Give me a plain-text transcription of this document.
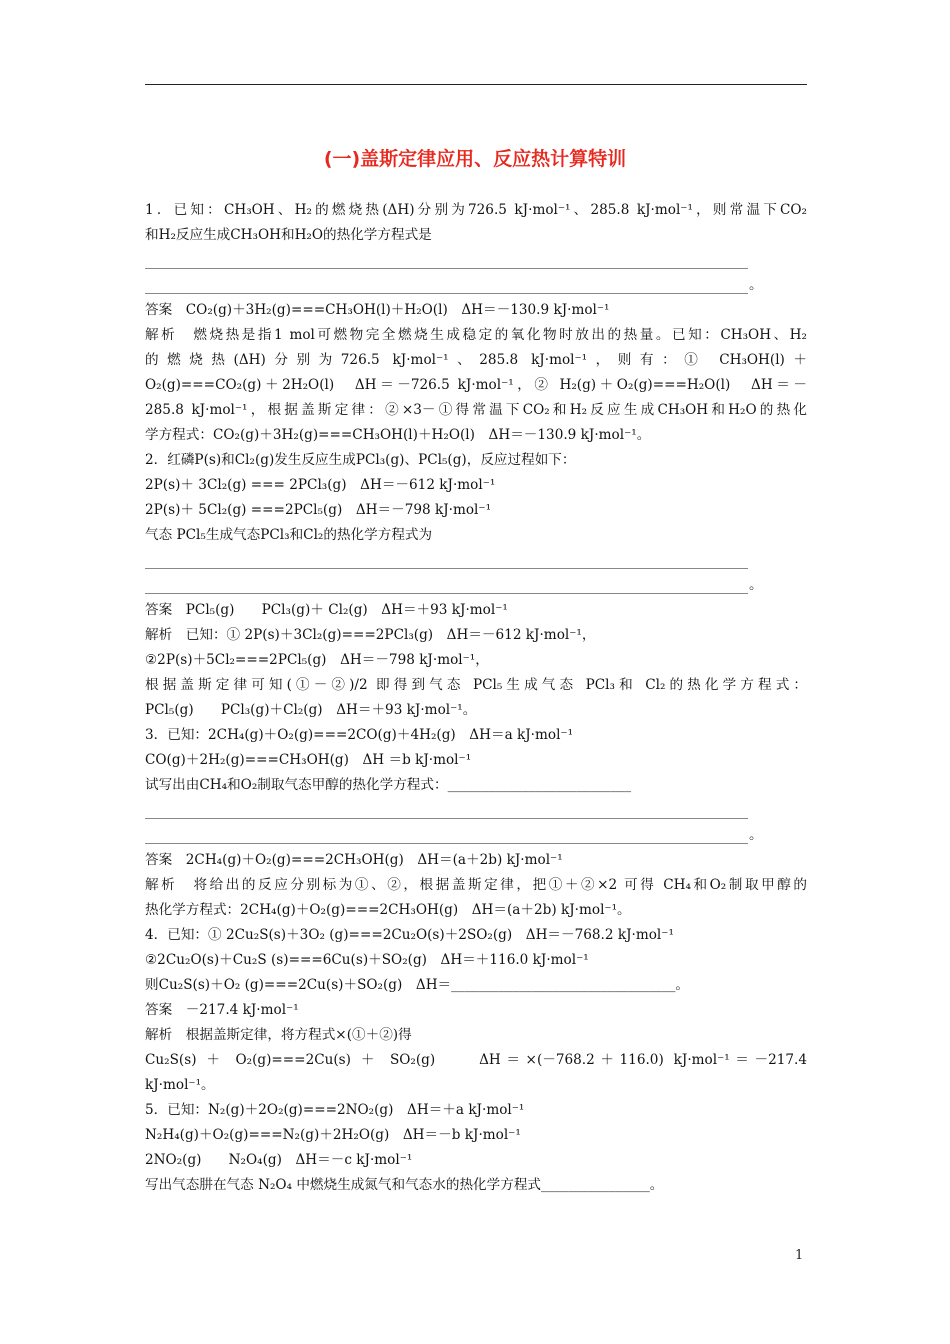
(一)盖斯定律应用、反应热计算特训
1．已知：CH₃OH、H₂的燃烧热(ΔH)分别为726.5 kJ·mol⁻¹、285.8 kJ·mol⁻¹，则常温下CO₂
和H₂反应生成CH₃OH和H₂O的热化学方程式是
。
答案　CO₂(g)＋3H₂(g)===CH₃OH(l)＋H₂O(l)　ΔH＝－130.9 kJ·mol⁻¹
解析　燃烧热是指1 mol可燃物完全燃烧生成稳定的氧化物时放出的热量。已知：CH₃OH、H₂
的燃烧热(ΔH)分别为726.5 kJ·mol⁻¹、285.8 kJ·mol⁻¹，则有：① CH₃OH(l)＋
O₂(g)===CO₂(g)＋2H₂O(l)　ΔH＝－726.5 kJ·mol⁻¹，② H₂(g)＋O₂(g)===H₂O(l)　ΔH＝－
285.8 kJ·mol⁻¹，根据盖斯定律：②×3－①得常温下CO₂和H₂反应生成CH₃OH和H₂O的热化
学方程式：CO₂(g)＋3H₂(g)===CH₃OH(l)＋H₂O(l)　ΔH＝－130.9 kJ·mol⁻¹。
2．红磷P(s)和Cl₂(g)发生反应生成PCl₃(g)、PCl₅(g)，反应过程如下：
2P(s)＋ 3Cl₂(g) === 2PCl₃(g)　ΔH＝－612 kJ·mol⁻¹
2P(s)＋ 5Cl₂(g) ===2PCl₅(g)　ΔH＝－798 kJ·mol⁻¹
气态 PCl₅生成气态PCl₃和Cl₂的热化学方程式为
。
答案　PCl₅(g)　　PCl₃(g)＋ Cl₂(g)　ΔH＝＋93 kJ·mol⁻¹
解析　已知：① 2P(s)＋3Cl₂(g)===2PCl₃(g)　ΔH＝－612 kJ·mol⁻¹，
②2P(s)＋5Cl₂===2PCl₅(g)　ΔH＝－798 kJ·mol⁻¹，
根据盖斯定律可知(①－②)/2 即得到气态 PCl₅生成气态 PCl₃和 Cl₂的热化学方程式：
PCl₅(g)　　PCl₃(g)＋Cl₂(g)　ΔH＝＋93 kJ·mol⁻¹。
3．已知：2CH₄(g)＋O₂(g)===2CO(g)＋4H₂(g)　ΔH＝a kJ·mol⁻¹
CO(g)＋2H₂(g)===CH₃OH(g)　ΔH ＝b kJ·mol⁻¹
试写出由CH₄和O₂制取气态甲醇的热化学方程式：___________________________
。
答案　2CH₄(g)＋O₂(g)===2CH₃OH(g)　ΔH＝(a＋2b) kJ·mol⁻¹
解析　将给出的反应分别标为①、②，根据盖斯定律，把①＋②×2 可得 CH₄和O₂制取甲醇的
热化学方程式：2CH₄(g)＋O₂(g)===2CH₃OH(g)　ΔH＝(a＋2b) kJ·mol⁻¹。
4．已知：① 2Cu₂S(s)＋3O₂ (g)===2Cu₂O(s)＋2SO₂(g)　ΔH＝－768.2 kJ·mol⁻¹
②2Cu₂O(s)＋Cu₂S (s)===6Cu(s)＋SO₂(g)　ΔH＝＋116.0 kJ·mol⁻¹
则Cu₂S(s)＋O₂ (g)===2Cu(s)＋SO₂(g)　ΔH＝_________________________________。
答案　－217.4 kJ·mol⁻¹
解析　根据盖斯定律，将方程式×(①＋②)得
Cu₂S(s) ＋ O₂(g)===2Cu(s) ＋ SO₂(g)　　ΔH＝×(－768.2＋116.0) kJ·mol⁻¹＝－217.4
kJ·mol⁻¹。
5．已知：N₂(g)＋2O₂(g)===2NO₂(g)　ΔH＝＋a kJ·mol⁻¹
N₂H₄(g)＋O₂(g)===N₂(g)＋2H₂O(g)　ΔH＝－b kJ·mol⁻¹
2NO₂(g)　　N₂O₄(g)　ΔH＝－c kJ·mol⁻¹
写出气态肼在气态 N₂O₄ 中燃烧生成氮气和气态水的热化学方程式________________。
1
